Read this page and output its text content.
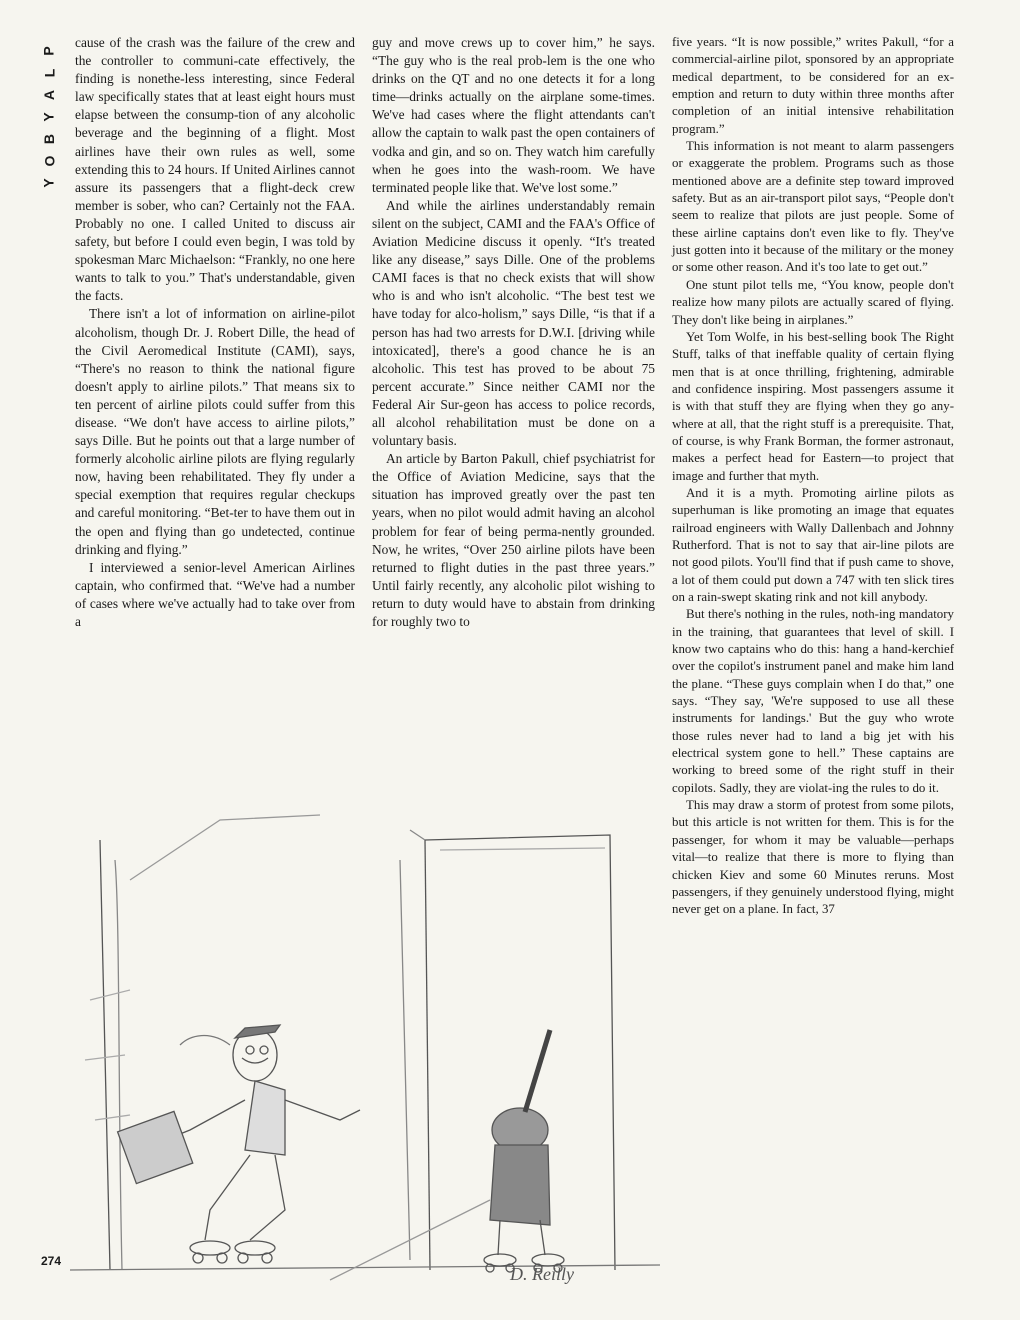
P
L
A
Y
B
O
Y

cause of the crash was the failure of the crew and the controller to communi-cate effectively, the finding is nonethe-less interesting, since Federal law specifically states that at least eight hours must elapse between the consump-tion of any alcoholic beverage and the beginning of a flight. Most airlines have their own rules as well, some extending this to 24 hours. If United Airlines cannot assure its passengers that a flight-deck crew member is sober, who can? Certainly not the FAA. Probably no one. I called United to discuss air safety, but before I could even begin, I was told by spokesman Marc Michaelson: “Frankly, no one here wants to talk to you.” That's understandable, given the facts.

There isn't a lot of information on airline-pilot alcoholism, though Dr. J. Robert Dille, the head of the Civil Aeromedical Institute (CAMI), says, “There's no reason to think the national figure doesn't apply to airline pilots.” That means six to ten percent of airline pilots could suffer from this disease. “We don't have access to airline pilots,” says Dille. But he points out that a large number of formerly alcoholic airline pilots are flying regularly now, having been rehabilitated. They fly under a special exemption that requires regular checkups and careful monitoring. “Bet-ter to have them out in the open and flying than go undetected, continue drinking and flying.”

I interviewed a senior-level American Airlines captain, who confirmed that. “We've had a number of cases where we've actually had to take over from a

guy and move crews up to cover him,” he says. “The guy who is the real prob-lem is the one who drinks on the QT and no one detects it for a long time—drinks actually on the airplane some-times. We've had cases where the flight attendants can't allow the captain to walk past the open containers of vodka and gin, and so on. They watch him carefully when he goes into the wash-room. We have terminated people like that. We've lost some.”

And while the airlines understandably remain silent on the subject, CAMI and the FAA's Office of Aviation Medicine discuss it openly. “It's treated like any disease,” says Dille. One of the problems CAMI faces is that no check exists that will show who is and who isn't alcoholic. “The best test we have today for alco-holism,” says Dille, “is that if a person has had two arrests for D.W.I. [driving while intoxicated], there's a good chance he is an alcoholic. This test has proved to be about 75 percent accurate.” Since neither CAMI nor the Federal Air Sur-geon has access to police records, all alcohol rehabilitation must be done on a voluntary basis.

An article by Barton Pakull, chief psychiatrist for the Office of Aviation Medicine, says that the situation has improved greatly over the past ten years, when no pilot would admit having an alcohol problem for fear of being perma-nently grounded. Now, he writes, “Over 250 airline pilots have been returned to flight duties in the past three years.” Until fairly recently, any alcoholic pilot wishing to return to duty would have to abstain from drinking for roughly two to

five years. “It is now possible,” writes Pakull, “for a commercial-airline pilot, sponsored by an appropriate medical department, to be considered for an ex-emption and return to duty within three months after completion of an initial intensive rehabilitation program.”

This information is not meant to alarm passengers or exaggerate the problem. Programs such as those mentioned above are a definite step toward improved safety. But as an air-transport pilot says, “People don't seem to realize that pilots are just people. Some of these airline captains don't even like to fly. They've just gotten into it because of the military or the money or some other reason. And it's too late to get out.”

One stunt pilot tells me, “You know, people don't realize how many pilots are actually scared of flying. They don't like being in airplanes.”

Yet Tom Wolfe, in his best-selling book The Right Stuff, talks of that ineffable quality of certain flying men that is at once thrilling, frightening, admirable and confidence inspiring. Most passengers assume it is with that stuff they are flying when they go any-where at all, that the right stuff is a prerequisite. That, of course, is why Frank Borman, the former astronaut, makes a perfect head for Eastern—to project that image and further that myth.

And it is a myth. Promoting airline pilots as superhuman is like promoting an image that equates railroad engineers with Wally Dallenbach and Johnny Rutherford. That is not to say that air-line pilots are not good pilots. You'll find that if push came to shove, a lot of them could put down a 747 with ten slick tires on a rain-swept skating rink and not kill anybody.

But there's nothing in the rules, noth-ing mandatory in the training, that guarantees that level of skill. I know two captains who do this: hang a hand-kerchief over the copilot's instrument panel and make him land the plane. “These guys complain when I do that,” one says. “They say, 'We're supposed to use all these instruments for landings.' But the guy who wrote those rules never had to land a big jet with his electrical system gone to hell.” These captains are working to breed some of the right stuff in their copilots. Sadly, they are violat-ing the rules to do it.

This may draw a storm of protest from some pilots, but this article is not written for them. This is for the passenger, for whom it may be valuable—perhaps vital—to realize that there is more to flying than chicken Kiev and some 60 Minutes reruns. Most passengers, if they genuinely understood flying, might never get on a plane. In fact, 37

D. Reilly
274
